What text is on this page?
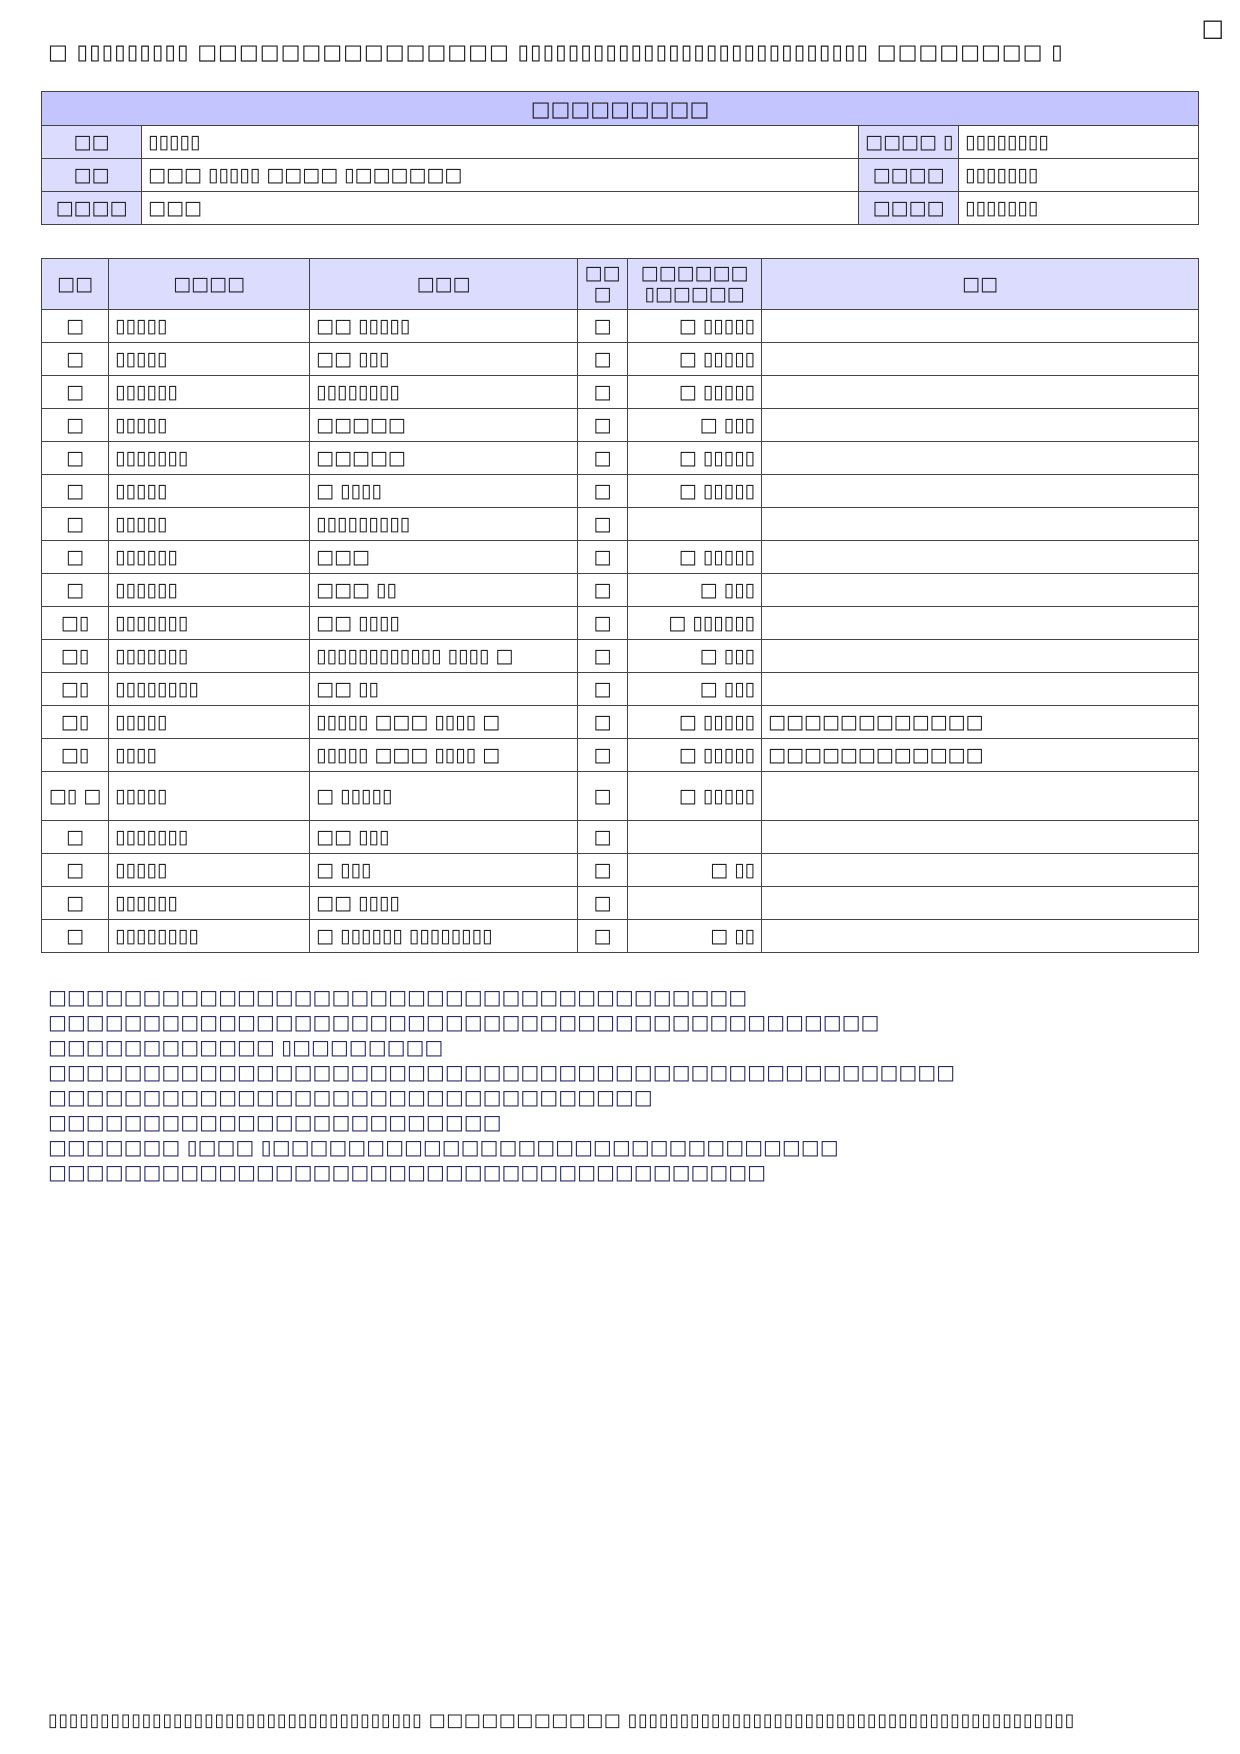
□
□ ▯▯▯▯▯▯▯▯▯ □□□□□□□□□□□□□□□ ▯▯▯▯▯▯▯▯▯▯▯▯▯▯▯▯▯▯▯▯▯▯▯▯▯▯▯▯ □□□□□□□□ ▯
□□□□□□□□□			
□□	▯▯▯▯▯	□□□□ ▯	▯▯▯▯▯▯▯▯
□□	□□□ ▯▯▯▯▯ □□□□ ▯□□□□□□	□□□□	▯▯▯▯▯▯▯
□□□□	□□□	□□□□	▯▯▯▯▯▯▯
□□	□□□□	□□□	□□ □	□□□□□□ ▯□□□□□	□□
□	▯▯▯▯▯	□□ ▯▯▯▯▯	□	□ ▯▯▯▯▯	
□	▯▯▯▯▯	□□ ▯▯▯	□	□ ▯▯▯▯▯	
□	▯▯▯▯▯▯	▯▯▯▯▯▯▯▯	□	□ ▯▯▯▯▯	
□	▯▯▯▯▯	□□□□□	□	□ ▯▯▯	
□	▯▯▯▯▯▯▯	□□□□□	□	□ ▯▯▯▯▯	
□	▯▯▯▯▯	□ ▯▯▯▯	□	□ ▯▯▯▯▯	
□	▯▯▯▯▯	▯▯▯▯▯▯▯▯▯	□		
□	▯▯▯▯▯▯	□□□	□	□ ▯▯▯▯▯	
□	▯▯▯▯▯▯	□□□ ▯▯	□	□ ▯▯▯	
□▯	▯▯▯▯▯▯▯	□□ ▯▯▯▯	□	□ ▯▯▯▯▯▯	
□▯	▯▯▯▯▯▯▯	▯▯▯▯▯▯▯▯▯▯▯▯ ▯▯▯▯ □	□	□ ▯▯▯	
□▯	▯▯▯▯▯▯▯▯	□□ ▯▯	□	□ ▯▯▯	
□▯	▯▯▯▯▯	▯▯▯▯▯ □□□ ▯▯▯▯ □	□	□ ▯▯▯▯▯	□□□□□□□□□□□□
□▯	▯▯▯▯	▯▯▯▯▯ □□□ ▯▯▯▯ □	□	□ ▯▯▯▯▯	□□□□□□□□□□□□
□▯ □	▯▯▯▯▯	□ ▯▯▯▯▯	□	□ ▯▯▯▯▯	
□	▯▯▯▯▯▯▯	□□ ▯▯▯	□		
□	▯▯▯▯▯	□ ▯▯▯	□	□ ▯▯	
□	▯▯▯▯▯▯	□□ ▯▯▯▯	□		
□	▯▯▯▯▯▯▯▯	□ ▯▯▯▯▯▯ ▯▯▯▯▯▯▯▯	□	□ ▯▯	
□□□□□□□□□□□□□□□□□□□□□□□□□□□□□□□□□□□□□
□□□□□□□□□□□□□□□□□□□□□□□□□□□□□□□□□□□□□□□□□□□□
□□□□□□□□□□□□ ▯□□□□□□□□
□□□□□□□□□□□□□□□□□□□□□□□□□□□□□□□□□□□□□□□□□□□□□□□□
□□□□□□□□□□□□□□□□□□□□□□□□□□□□□□□□
□□□□□□□□□□□□□□□□□□□□□□□□
□□□□□□□ ▯□□□ ▯□□□□□□□□□□□□□□□□□□□□□□□□□□□□□□
□□□□□□□□□□□□□□□□□□□□□□□□□□□□□□□□□□□□□□
▯▯▯▯▯▯▯▯▯▯▯▯▯▯▯▯▯▯▯▯▯▯▯▯▯▯▯▯▯▯▯▯▯▯▯▯ □□□□□□□□□□□ ▯▯▯▯▯▯▯▯▯▯▯▯▯▯▯▯▯▯▯▯▯▯▯▯▯▯▯▯▯▯▯▯▯▯▯▯▯▯▯▯▯▯▯
